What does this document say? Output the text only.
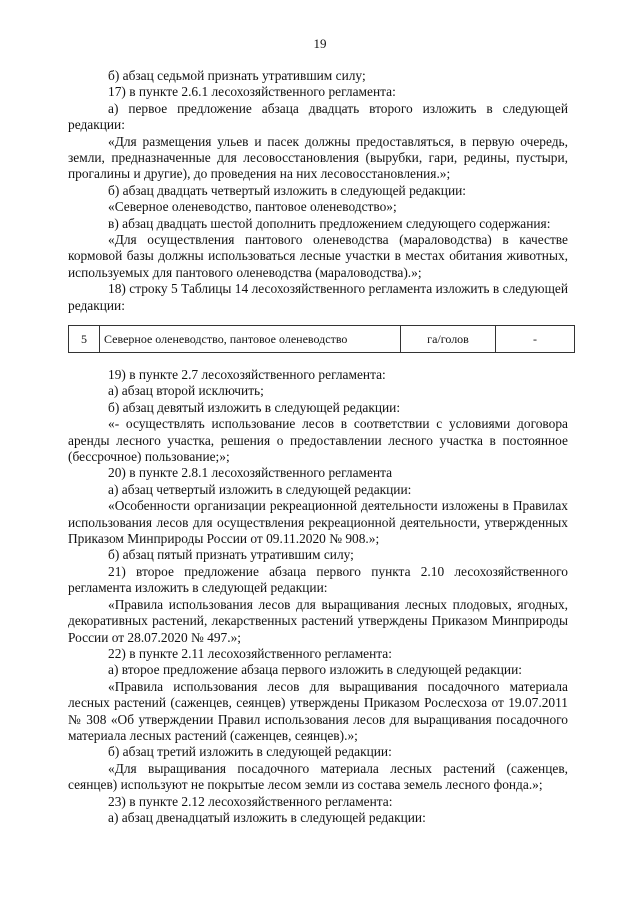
19

б) абзац седьмой признать утратившим силу;

17) в пункте 2.6.1 лесохозяйственного регламента:

а) первое предложение абзаца двадцать второго изложить в следующей редакции:

«Для размещения ульев и пасек должны предоставляться, в первую очередь, земли, предназначенные для лесовосстановления (вырубки, гари, редины, пустыри, прогалины и другие), до проведения на них лесовосстановления.»;

б) абзац двадцать четвертый изложить в следующей редакции:

«Северное оленеводство, пантовое оленеводство»;

в) абзац двадцать шестой дополнить предложением следующего содержания:

«Для осуществления пантового оленеводства (мараловодства) в качестве кормовой базы должны использоваться лесные участки в местах обитания животных, используемых для пантового оленеводства (мараловодства).»;

18) строку 5 Таблицы 14 лесохозяйственного регламента изложить в следующей редакции:

5	Северное оленеводство, пантовое оленеводство	га/голов	-

19) в пункте 2.7 лесохозяйственного регламента:

а) абзац второй исключить;

б) абзац девятый изложить в следующей редакции:

«- осуществлять использование лесов в соответствии с условиями договора аренды лесного участка, решения о предоставлении лесного участка в постоянное (бессрочное) пользование;»;

20) в пункте 2.8.1 лесохозяйственного регламента

а) абзац четвертый изложить в следующей редакции:

«Особенности организации рекреационной деятельности изложены в Правилах использования лесов для осуществления рекреационной деятельности, утвержденных Приказом Минприроды России от 09.11.2020 № 908.»;

б) абзац пятый признать утратившим силу;

21) второе предложение абзаца первого пункта 2.10 лесохозяйственного регламента изложить в следующей редакции:

«Правила использования лесов для выращивания лесных плодовых, ягодных, декоративных растений, лекарственных растений утверждены Приказом Минприроды России от 28.07.2020 № 497.»;

22) в пункте 2.11 лесохозяйственного регламента:

а) второе предложение абзаца первого изложить в следующей редакции:

«Правила использования лесов для выращивания посадочного материала лесных растений (саженцев, сеянцев) утверждены Приказом Рослесхоза от 19.07.2011 № 308 «Об утверждении Правил использования лесов для выращивания посадочного материала лесных растений (саженцев, сеянцев).»;

б) абзац третий изложить в следующей редакции:

«Для выращивания посадочного материала лесных растений (саженцев, сеянцев) используют не покрытые лесом земли из состава земель лесного фонда.»;

23) в пункте 2.12 лесохозяйственного регламента:

а) абзац двенадцатый изложить в следующей редакции:
